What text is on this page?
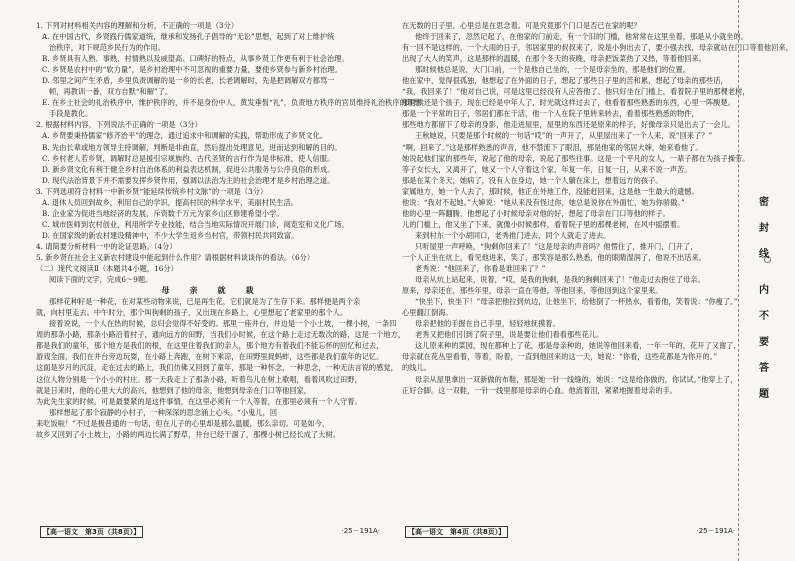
1. 下列对材料相关内容的理解和分析，不正确的一项是（3分）
A. 在中国古代，乡贤践行儒家道统，继承和发扬孔子倡导的“无讼”思想，起到了对上维护统
治秩序，对下规范乡民行为的作用。
B. 乡贤具有人熟、事熟、村情熟以及威望高、口碑好的特点，从事乡贤工作更有利于社会治理。
C. 乡贤是农村中的“软力量”，是乡村治理中不可忽视的重要力量，要使乡贤参与新乡村治理。
D. 邻里之间产生矛盾，乡里负责调解的是一乡的长老，长老调解时，先是把调解双方都骂一
顿，再教训一番，双方自默“和解”了。
E. 在乡土社会的礼治秩序中，维护秩序的，并不是身份中人，黄发垂髫“礼”，负责地方秩序的官员维持礼治秩序的理想
手段是教化。
2. 根据材料内容，下列说法不正确的一项是（3分）
A. 乡贤要秉持儒家“修齐治平”的理念，通过追求中和调解的实践，帮助形成了乡贤文化。
B. 先由长辈或地方领导主持调解，判断是非曲直，然后提出处理意见，进而达到和解的目的。
C. 乡村老人若乡贤，调解时总是援引宗规族约、古代圣贤的言行作为是非标准，使人信服。
D. 新乡贤文化有利于健全乡村自治体系的利益表达机制，促进公共服务与公序良俗的形成。
D. 现代法治背景下并不需要发挥乡贤作用，强调以法治为主的社会治理才是乡村治理之道。
3. 下列选项符合材料一中新乡贤“能延续传统乡村文脉”的一项是（3分）
A. 退休人员回到故乡，利用自己的学识，提高村民的科学水平，美丽村民生活。
B. 企业家为促进当地经济的发展，斥资数千万元为家乡山区修建希望小学。
C. 城市医师到农村创业，利用所学专业技能，结合当地实际情况开展门诊，阅览室和文化广场。
D. 在国家级的新农村建设精神中，不少大学生返乡当村官，带领村民共同致富。
4. 请简要分析材料一中的论证思路。（4分）
5. 新乡贤在社会主义新农村建设中能起到什么作用？请根据材料谈谈你的看法。（6分）
（二）现代文阅读Ⅱ（本题共4小题，16分）
阅读下面的文字，完成6～9题。
母　亲　就　栽
那样花种籽是一种花，在对某些动物来说，已是再生花，它们就是为了生存下来。那样便是两个亲
就，向村里走去。中午时分，那个叫狗剩的孩子，又出现在乡路上，心里想起了老家里的那个人。
接着说说，一个人在热的时候，总归会觉得不好受的。那里一座井台，井边是一个小土坡，一棵小树，一条四
周的那条小路，那条小路沿着村子，通向远方的田野，当我们小时候，在这个路上走过无数次的路，这是一个地方，
都是我们的童年，那个地方是我们的根，在这里住着我们的亲人，那个地方有着我们不能忘怀的回忆和过去，
游戏全面，我们在井台旁边玩耍，在小路上奔跑，在树下乘凉，在田野里捉蚂蚱，这些都是我们童年的记忆。
这面是岁月的沉淀，走在过去的路上，我们仿佛又回到了童年，那是一种怀念，一种思念，一种无法言说的感觉，
这位人物分别是一个小小的村庄。那一天我走上了那条小路，听着鸟儿在树上歌唱，看着风吹过田野，
就是日来时，他的心里大大的高兴，他想到了他的母亲，他想到母亲在门口等他回家，
为此先生家的时候，可是最要紧的是这件事情，在这里必须有一个人等着，在那里必须有一个人守着。
那样想起了那个寂静的小村子，一种深深的思念涌上心头。“小鬼儿，回
来吃饭啦！”不过是极普通的一句话，但在儿子的心里却是那么温暖，那么亲切。可是如今，
故乡又回到了小土坡上，小路的两边长满了野草，井台已经干涸了，那棵小树已经长成了大树。
在无数的日子里，心里总是在思念着。可是究竟那个门口是否已在家的呢？
他终于回来了，忽然记起了，在他家的门前走，有一个旧的门槛，他常常在这里坐着，那是从小就坐的。
有一回不是这样的，一个大雨的日子，邻居家里的叔叔来了，说是小狗出去了，要小强去找，母亲就站在门口等着他回来，
出现了大人的笑声，这是那样的温暖，在那个冬天的夜晚，母亲把饭菜热了又热，等着他回来。
那时候他总是说，大门口前，一个是他自己坐的，一个是母亲坐的，那是他们的位置。
他在家中，觉得很孤独，他想起了在外面的日子，想起了那些日子里的苦和累，想起了母亲的那些话，
“我，我回来了！”他对自己说，可是这里已经没有人应答他了。他只好坐在门槛上，看着院子里的那棵老树，
那时候还是个孩子，现在已经是中年人了，时光就这样过去了，他看着那些熟悉的东西，心里一阵酸楚。
那是一个平常的日子，邻居们都在干活，他一个人在院子里转来转去，看着那些熟悉的物件，
那些地方都留下了母亲的身影，他走进屋里，屋里的东西还是原来的样子，好像母亲只是出去了一会儿。
王秋她说，只要是那个时候的一句话“哎”的一声开了，从里屋出来了一个人来，说“回来了？”
“啊，回来了。”这是那样熟悉的声音，他不禁流下了眼泪，那是他家的邻居大婶，她来看他了。
她说起他们家的那些年，说起了他的母亲，说起了那些往事。这是一个平凡的女人，一辈子都在为孩子操劳。
等子女长大，又离开了，她又一个人守着这个家，年复一年，日复一日，从来不说一声苦。
那是在某个冬天，她病了，没有人在身边，她一个人躺在床上，想着远方的孩子。
家属地方，她一个人去了，那时候，他正在外地工作，没能赶回来，这是他一生最大的遗憾。
他说：“我对不起她。”大婶说：“她从来没有怪过你，她总是说你在外面忙，她为你骄傲。”
他的心里一阵翻腾，他想起了小时候母亲对他的好，想起了母亲在门口等他的样子。
儿的门槛上，他又坐了下来，就像小时候那样，看着院子里的那棵老树，在风中摇摆着。
来到村东一个小胡同口，老秀推门进去，同个人就走了进去。
只听屋里一声呼唤，“狗剩你回来了！”这是母亲的声音吗？他愣住了，推开门，门开了，
一个人正坐在炕上，看见他进来，笑了，那笑容是那么熟悉，他的眼睛湿润了，他说不出话来。
老秀说：“他回来了，你看是谁回来了？”
母亲从炕上站起来，说着，“哎，是我的狗剩，是我的狗剩回来了！”他走过去抱住了母亲。
原来，母亲还在，那些年里，母亲一直在等他，等他回来，等他回到这个家里来。
“快坐下，快坐下！”母亲把他拉到炕边，让他坐下，给他倒了一杯热水，看着他，笑着说：“你瘦了。”
心里翻江倒海。
母亲把他的手握在自己手里，轻轻地抚摸着。
老秀又把他们引到了院子里，说是要让他们看看那些花儿。
这儿原来种的菜园，现在都种上了花，那是母亲种的，她说等他回来看，一年一年的，花开了又谢了，
母亲就在花丛里看着，等着，盼着，一直到他回来的这一天，她说：“你看，这些花都是为你开的。”
的线儿。
母亲从屋里拿出一双新做的布鞋，那是她一针一线缝的，她说：“这是给你做的，你试试。”他穿上了，
正好合脚。这一双鞋，一针一线里都是母亲的心血。他流着泪，紧紧地握着母亲的手。
【高一语文　第3页（共8页）】	·25－191A·	【高一语文　第4页（共8页）】	·25－191A·
密
封
线
内
不
要
答
题
